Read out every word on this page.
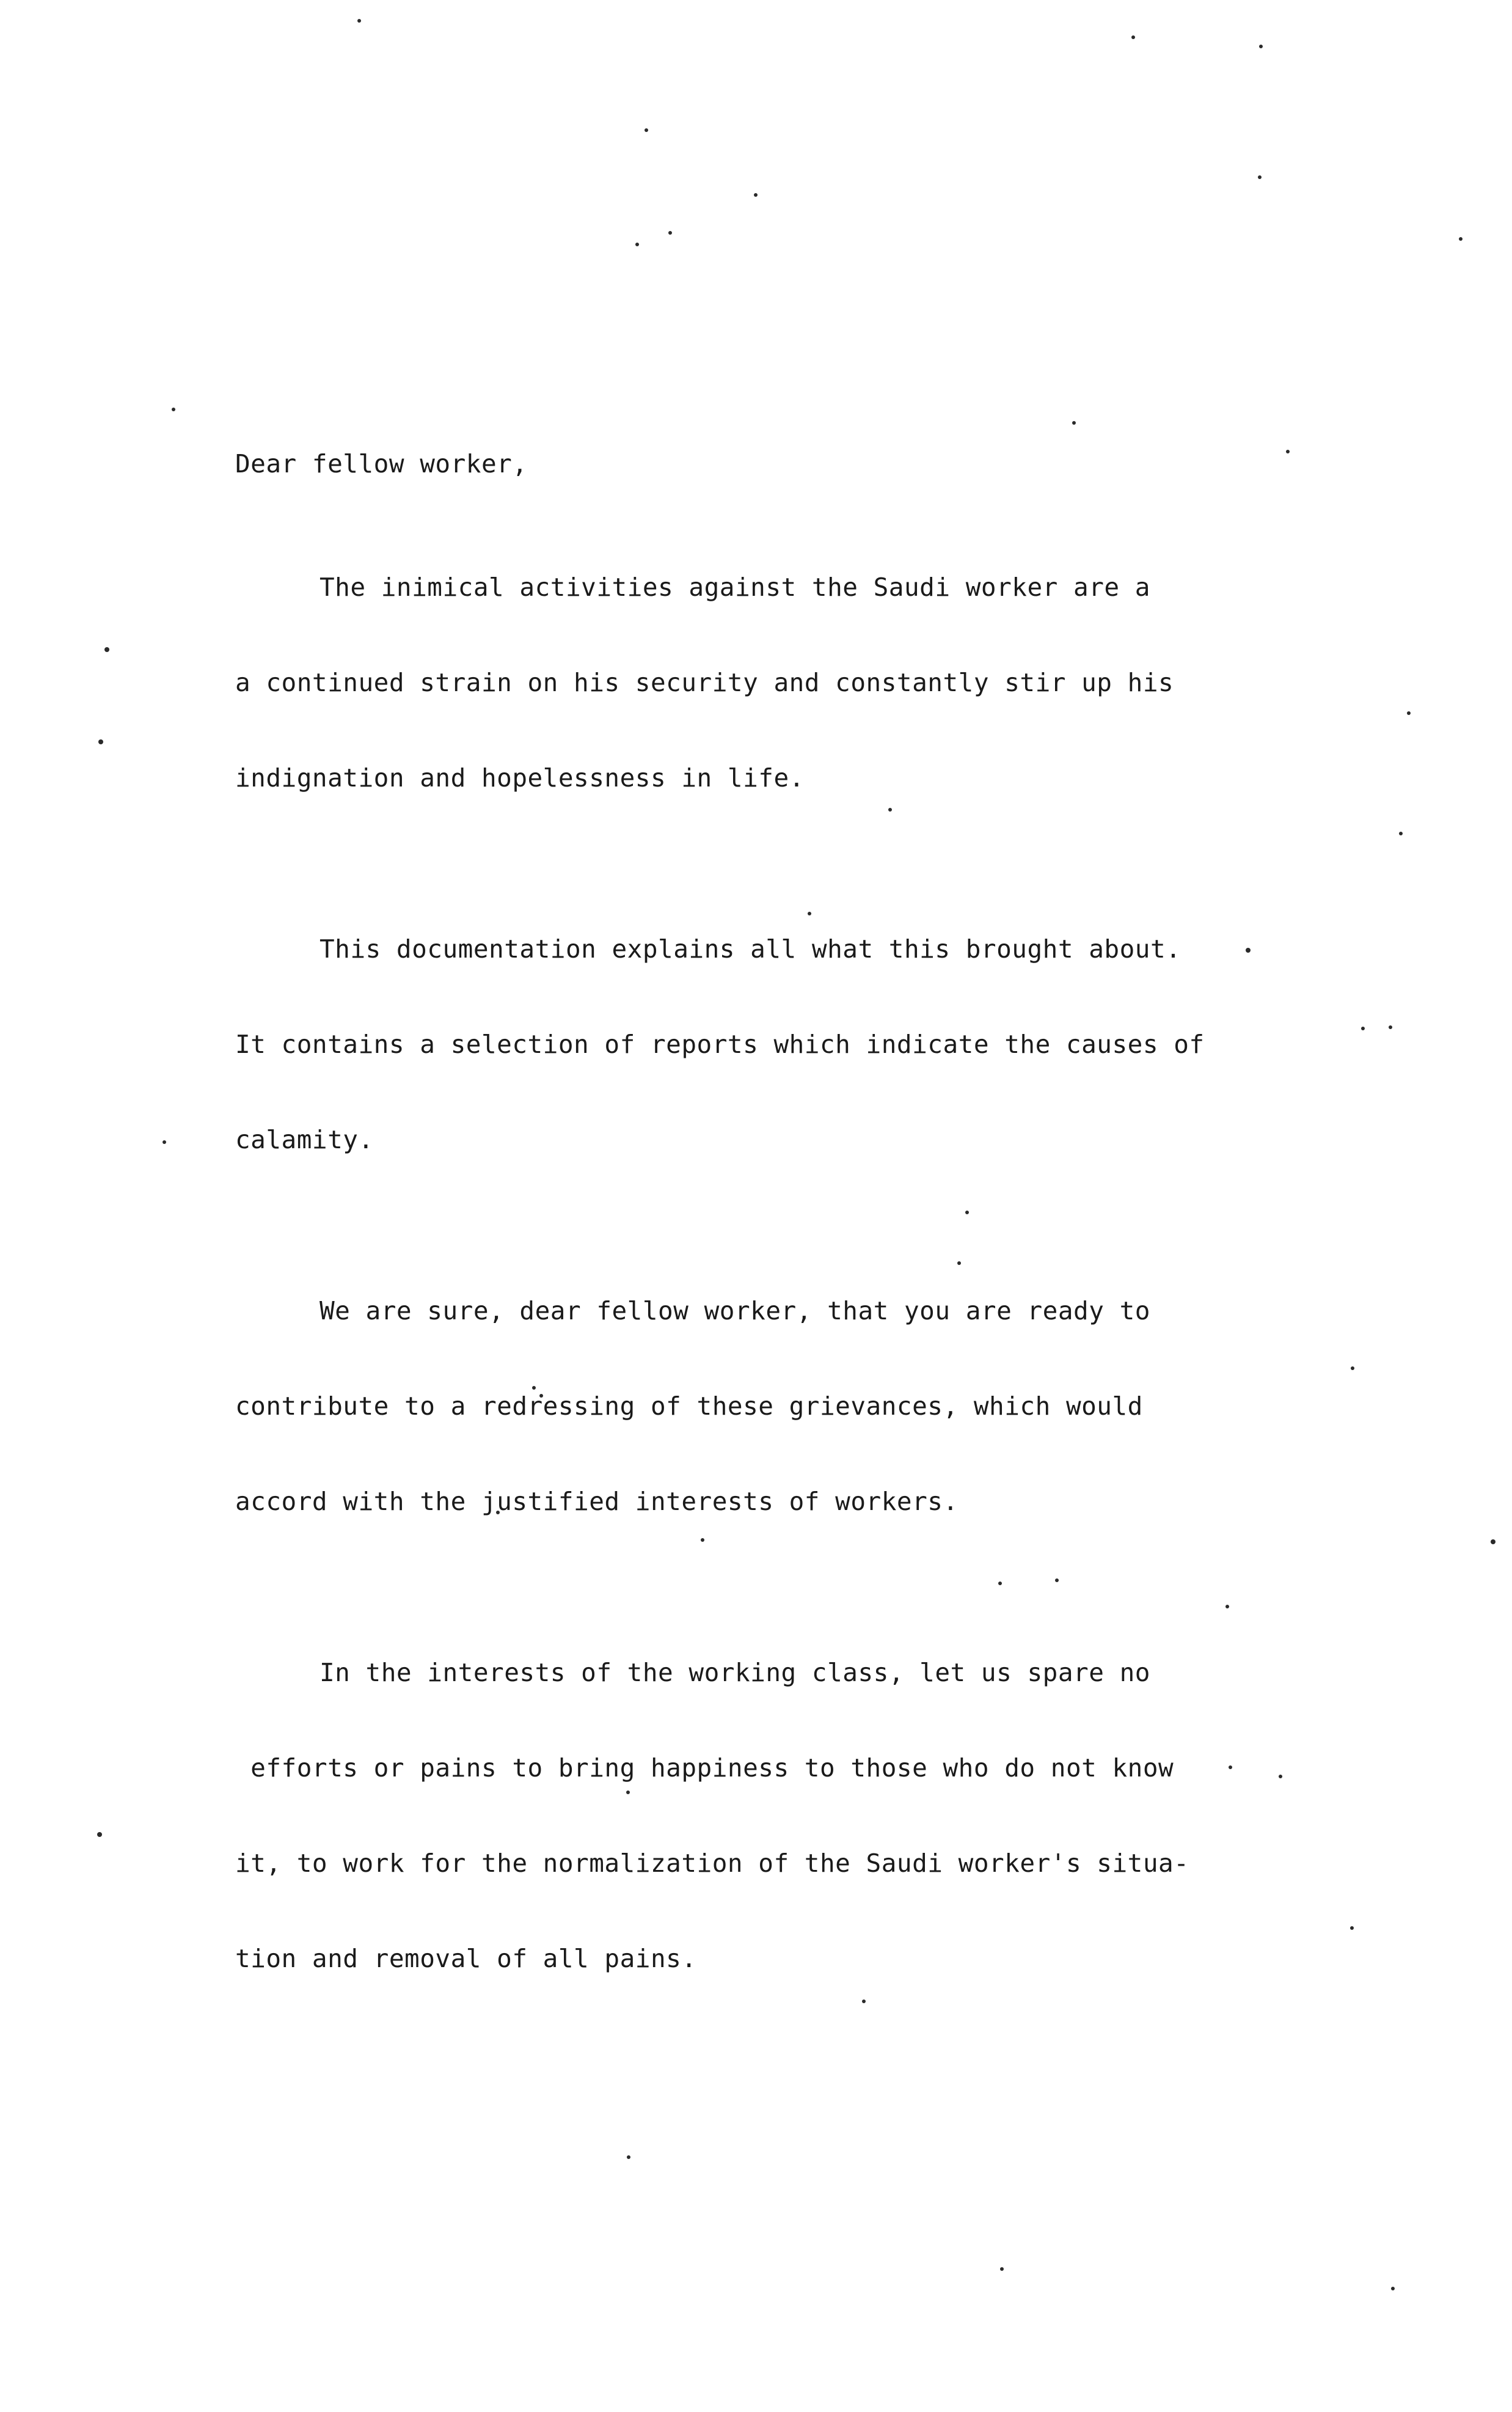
Dear fellow worker,

The inimical activities against the Saudi worker are a

a continued strain on his security and constantly stir up his

indignation and hopelessness in life.

This documentation explains all what this brought about.

It contains a selection of reports which indicate the causes of

calamity.

We are sure, dear fellow worker, that you are ready to

contribute to a redressing of these grievances, which would

accord with the justified interests of workers.

In the interests of the working class, let us spare no

efforts or pains to bring happiness to those who do not know

it, to work for the normalization of the Saudi worker's situa-

tion and removal of all pains.
